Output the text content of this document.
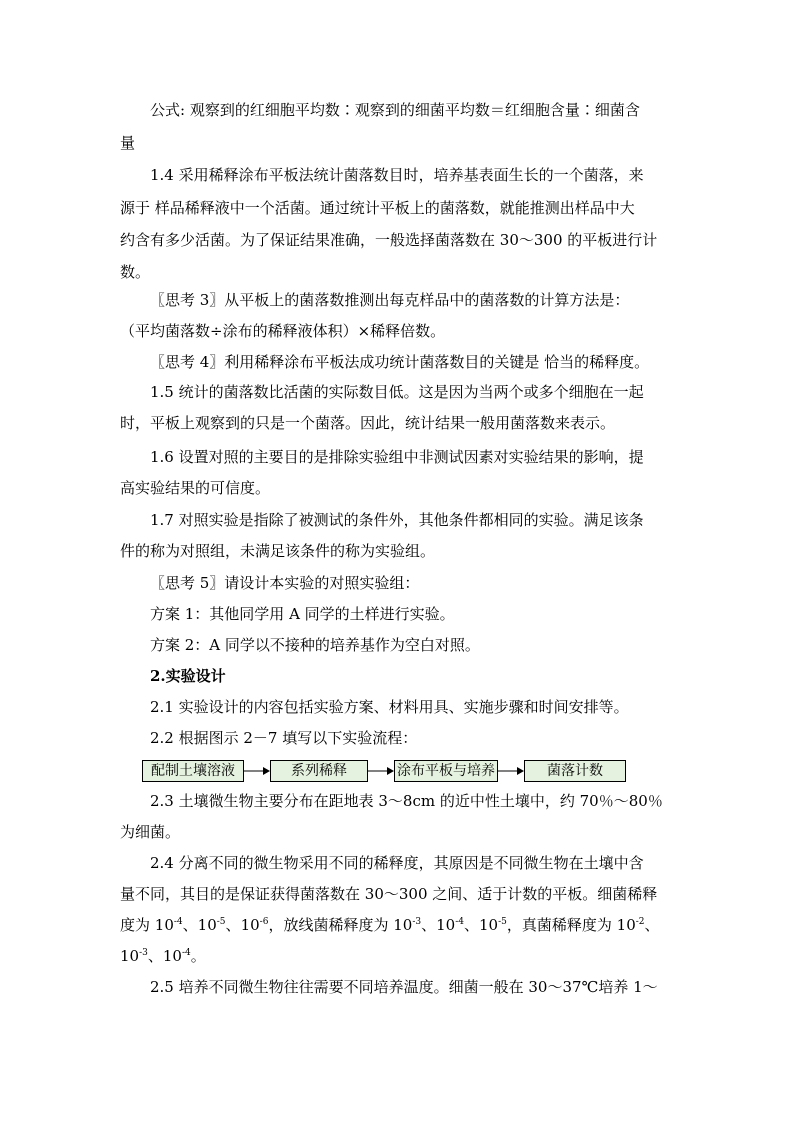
公式: 观察到的红细胞平均数∶观察到的细菌平均数＝红细胞含量∶细菌含
量
1.4 采用稀释涂布平板法统计菌落数目时，培养基表面生长的一个菌落，来
源于 样品稀释液中一个活菌。通过统计平板上的菌落数，就能推测出样品中大
约含有多少活菌。为了保证结果准确，一般选择菌落数在 30～300 的平板进行计
数。
〖思考 3〗从平板上的菌落数推测出每克样品中的菌落数的计算方法是：
（平均菌落数÷涂布的稀释液体积）×稀释倍数。
〖思考 4〗利用稀释涂布平板法成功统计菌落数目的关键是 恰当的稀释度。
1.5 统计的菌落数比活菌的实际数目低。这是因为当两个或多个细胞在一起
时，平板上观察到的只是一个菌落。因此，统计结果一般用菌落数来表示。
1.6 设置对照的主要目的是排除实验组中非测试因素对实验结果的影响，提
高实验结果的可信度。
1.7 对照实验是指除了被测试的条件外，其他条件都相同的实验。满足该条
件的称为对照组，未满足该条件的称为实验组。
〖思考 5〗请设计本实验的对照实验组：
方案 1：其他同学用 A 同学的土样进行实验。
方案 2：A 同学以不接种的培养基作为空白对照。
2.实验设计
2.1 实验设计的内容包括实验方案、材料用具、实施步骤和时间安排等。
2.2 根据图示 2－7 填写以下实验流程：
配制土壤溶液	系列稀释	涂布平板与培养	菌落计数
2.3 土壤微生物主要分布在距地表 3～8cm 的近中性土壤中，约 70％～80％
为细菌。
2.4 分离不同的微生物采用不同的稀释度，其原因是不同微生物在土壤中含
量不同，其目的是保证获得菌落数在 30～300 之间、适于计数的平板。细菌稀释
度为 $10^{-4}$、$10^{-5}$、$10^{-6}$，放线菌稀释度为 $10^{-3}$、$10^{-4}$、$10^{-5}$，真菌稀释度为 $10^{-2}$、
$10^{-3}$、$10^{-4}$。
2.5 培养不同微生物往往需要不同培养温度。细菌一般在 30～37℃培养 1～
